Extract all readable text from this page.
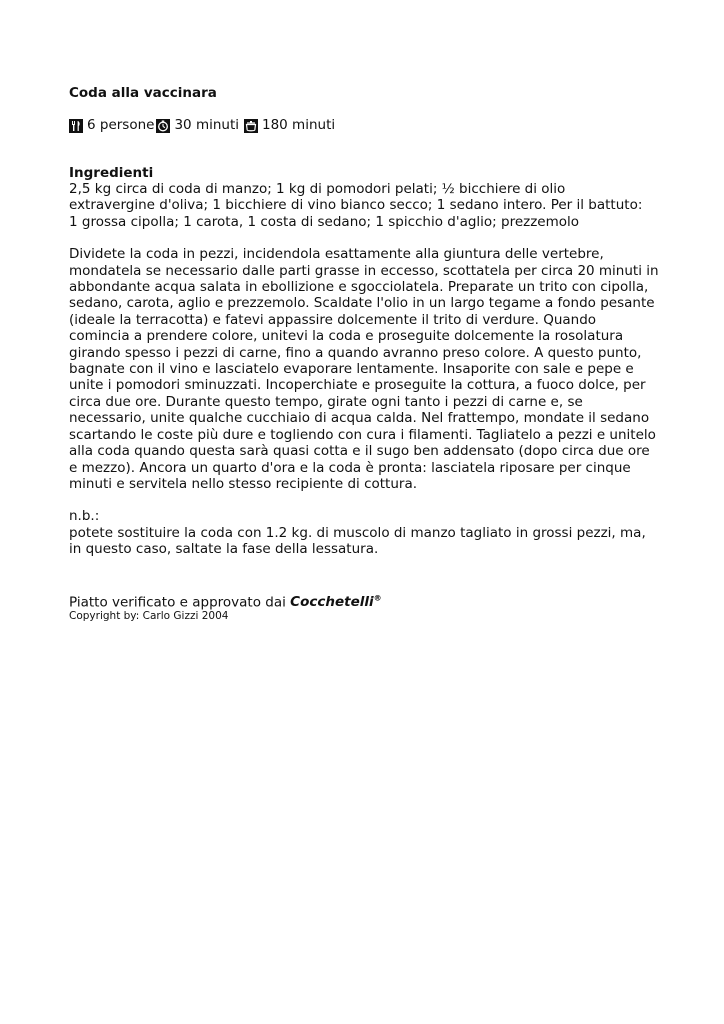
Coda alla vaccinara
6 persone 30 minuti 180 minuti
Ingredienti
2,5 kg circa di coda di manzo; 1 kg di pomodori pelati; ½ bicchiere di olio
extravergine d'oliva; 1 bicchiere di vino bianco secco; 1 sedano intero. Per il battuto:
1 grossa cipolla; 1 carota, 1 costa di sedano; 1 spicchio d'aglio; prezzemolo
Dividete la coda in pezzi, incidendola esattamente alla giuntura delle vertebre,
mondatela se necessario dalle parti grasse in eccesso, scottatela per circa 20 minuti in
abbondante acqua salata in ebollizione e sgocciolatela. Preparate un trito con cipolla,
sedano, carota, aglio e prezzemolo. Scaldate l'olio in un largo tegame a fondo pesante
(ideale la terracotta) e fatevi appassire dolcemente il trito di verdure. Quando
comincia a prendere colore, unitevi la coda e proseguite dolcemente la rosolatura
girando spesso i pezzi di carne, fino a quando avranno preso colore. A questo punto,
bagnate con il vino e lasciatelo evaporare lentamente. Insaporite con sale e pepe e
unite i pomodori sminuzzati. Incoperchiate e proseguite la cottura, a fuoco dolce, per
circa due ore. Durante questo tempo, girate ogni tanto i pezzi di carne e, se
necessario, unite qualche cucchiaio di acqua calda. Nel frattempo, mondate il sedano
scartando le coste più dure e togliendo con cura i filamenti. Tagliatelo a pezzi e unitelo
alla coda quando questa sarà quasi cotta e il sugo ben addensato (dopo circa due ore
e mezzo). Ancora un quarto d'ora e la coda è pronta: lasciatela riposare per cinque
minuti e servitela nello stesso recipiente di cottura.
n.b.:
potete sostituire la coda con 1.2 kg. di muscolo di manzo tagliato in grossi pezzi, ma,
in questo caso, saltate la fase della lessatura.
Piatto verificato e approvato dai Cocchetelli®
Copyright by: Carlo Gizzi 2004
